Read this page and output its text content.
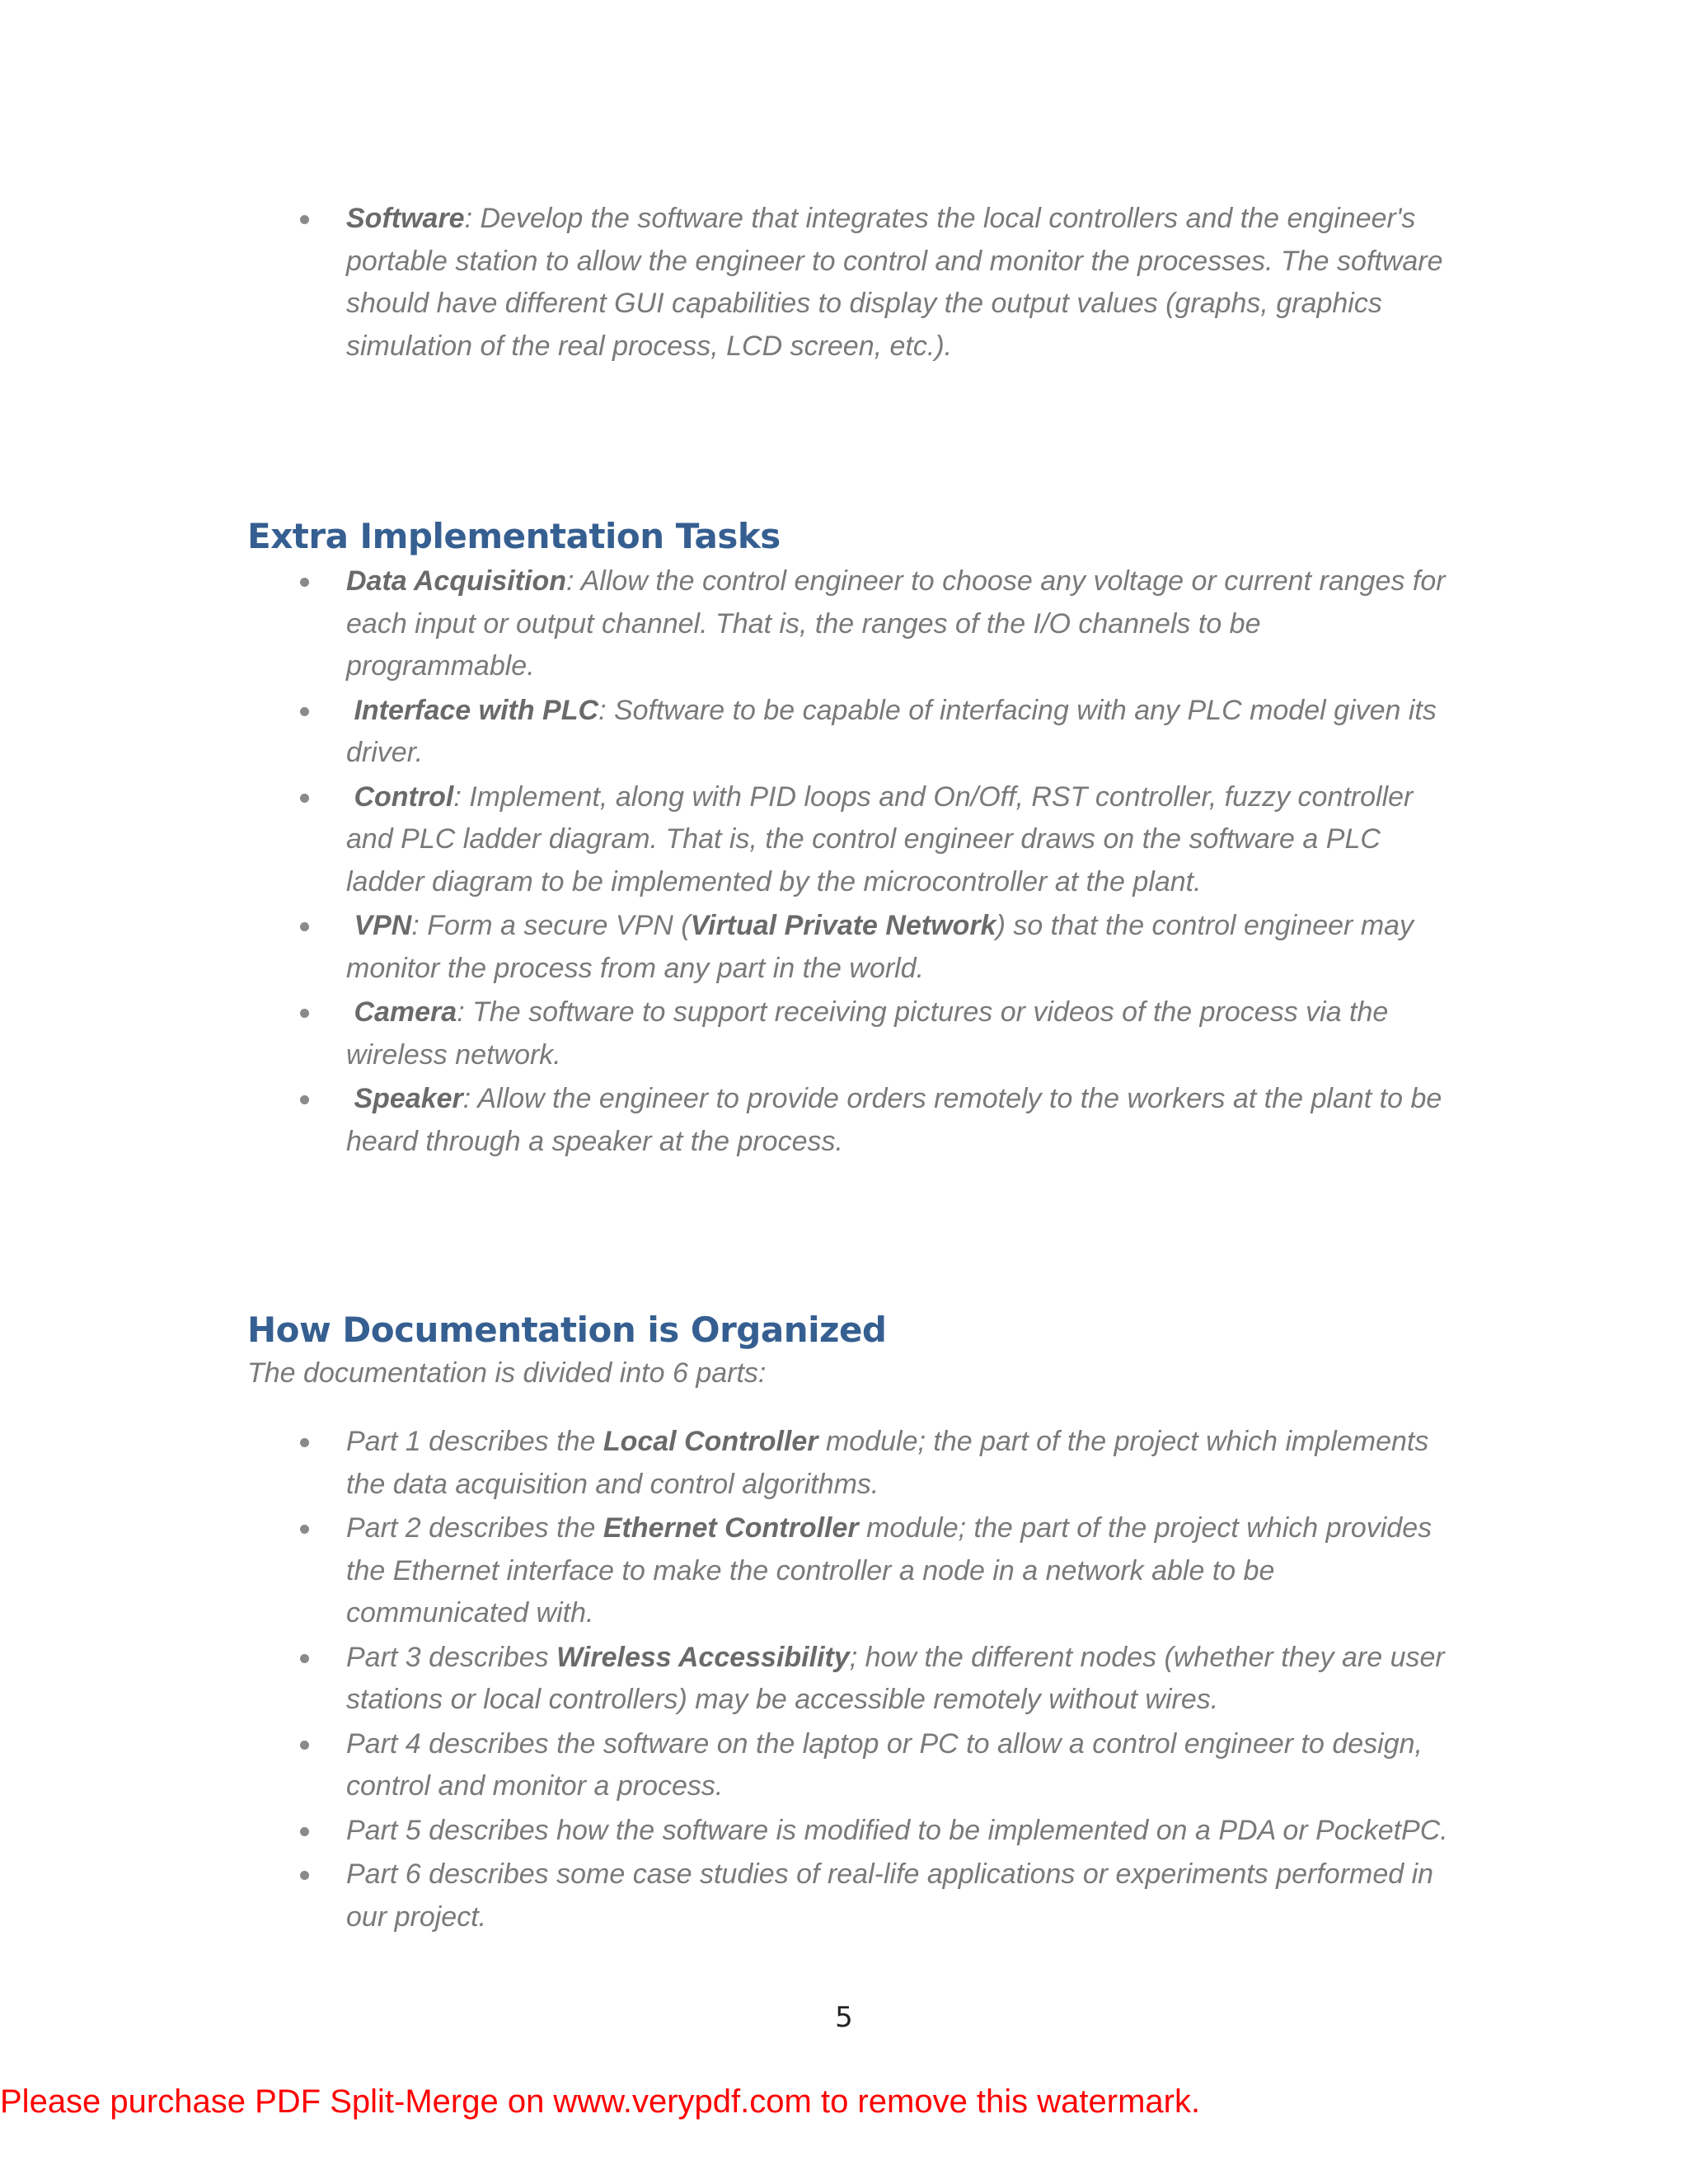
Software: Develop the software that integrates the local controllers and the engineer's portable station to allow the engineer to control and monitor the processes. The software should have different GUI capabilities to display the output values (graphs, graphics simulation of the real process, LCD screen, etc.).
Extra Implementation Tasks
Data Acquisition: Allow the control engineer to choose any voltage or current ranges for each input or output channel. That is, the ranges of the I/O channels to be programmable.
Interface with PLC: Software to be capable of interfacing with any PLC model given its driver.
Control: Implement, along with PID loops and On/Off, RST controller, fuzzy controller and PLC ladder diagram. That is, the control engineer draws on the software a PLC ladder diagram to be implemented by the microcontroller at the plant.
VPN: Form a secure VPN (Virtual Private Network) so that the control engineer may monitor the process from any part in the world.
Camera: The software to support receiving pictures or videos of the process via the wireless network.
Speaker: Allow the engineer to provide orders remotely to the workers at the plant to be heard through a speaker at the process.
How Documentation is Organized

The documentation is divided into 6 parts:

Part 1 describes the Local Controller module; the part of the project which implements the data acquisition and control algorithms.
Part 2 describes the Ethernet Controller module; the part of the project which provides the Ethernet interface to make the controller a node in a network able to be communicated with.
Part 3 describes Wireless Accessibility; how the different nodes (whether they are user stations or local controllers) may be accessible remotely without wires.
Part 4 describes the software on the laptop or PC to allow a control engineer to design, control and monitor a process.
Part 5 describes how the software is modified to be implemented on a PDA or PocketPC.
Part 6 describes some case studies of real-life applications or experiments performed in our project.
5
Please purchase PDF Split-Merge on www.verypdf.com to remove this watermark.
